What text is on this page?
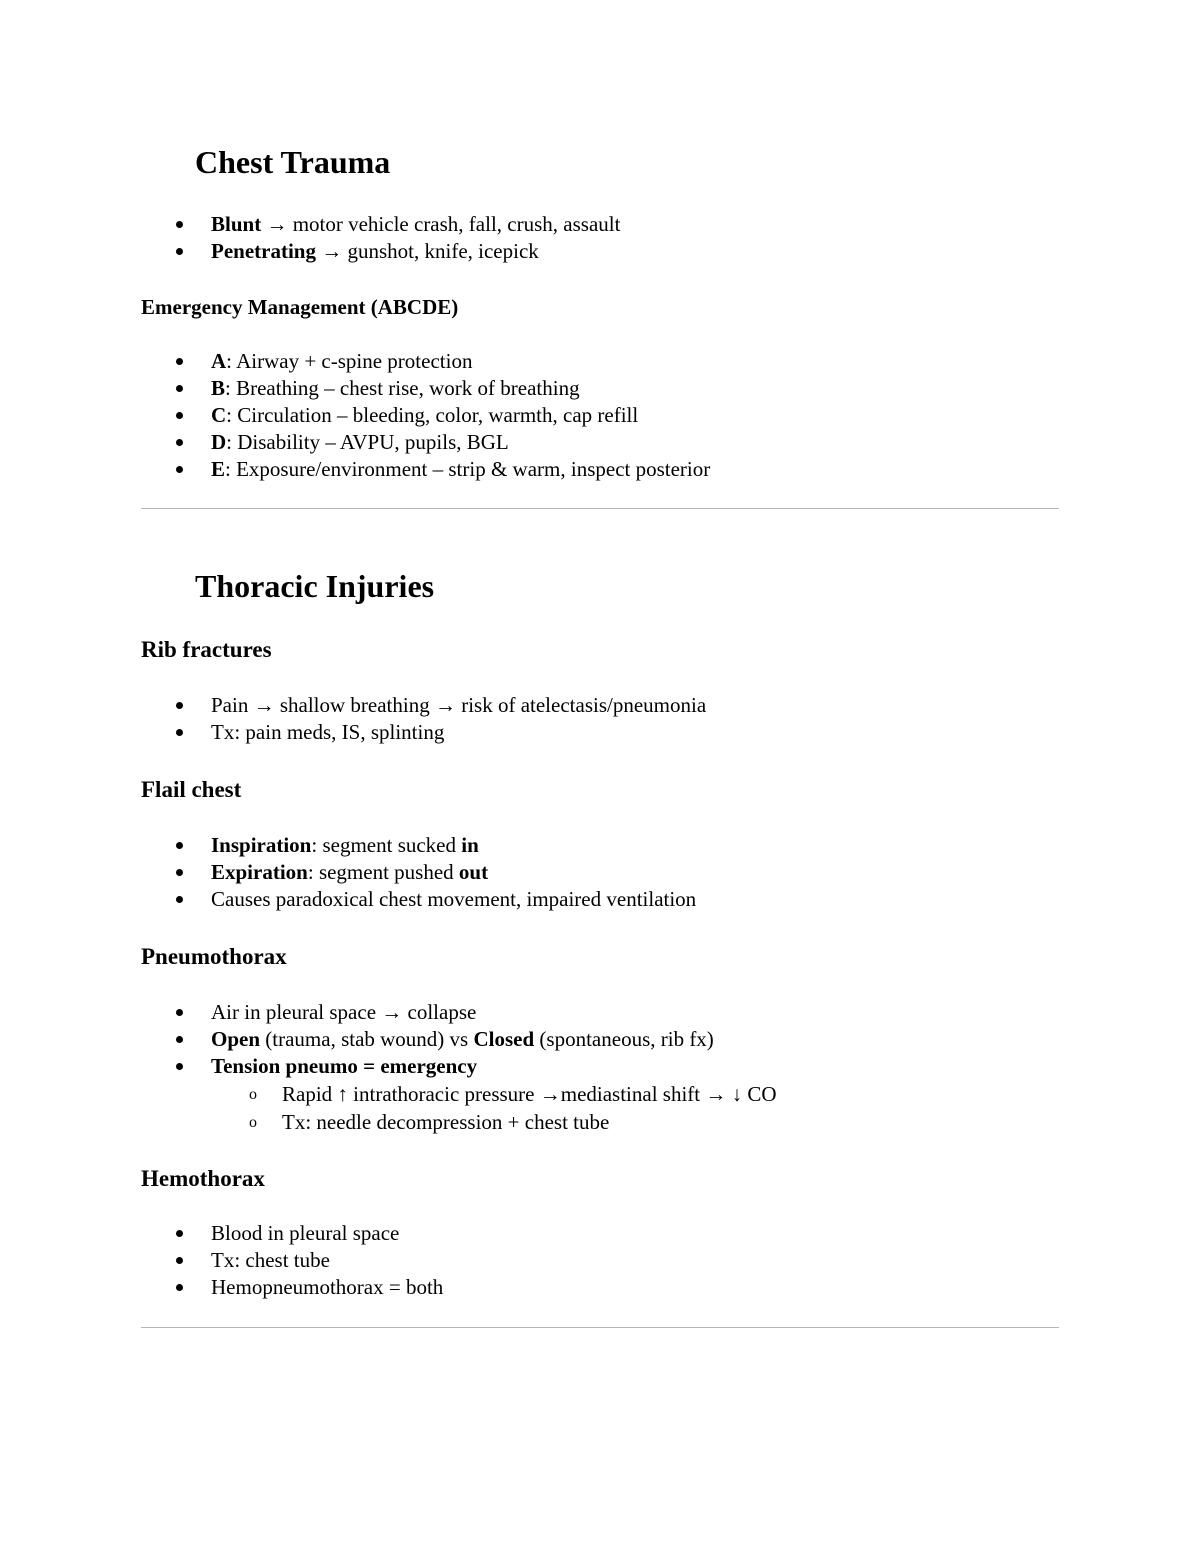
Chest Trauma
Blunt → motor vehicle crash, fall, crush, assault
Penetrating → gunshot, knife, icepick
Emergency Management (ABCDE)
A: Airway + c-spine protection
B: Breathing – chest rise, work of breathing
C: Circulation – bleeding, color, warmth, cap refill
D: Disability – AVPU, pupils, BGL
E: Exposure/environment – strip & warm, inspect posterior
Thoracic Injuries
Rib fractures
Pain → shallow breathing → risk of atelectasis/pneumonia
Tx: pain meds, IS, splinting
Flail chest
Inspiration: segment sucked in
Expiration: segment pushed out
Causes paradoxical chest movement, impaired ventilation
Pneumothorax
Air in pleural space → collapse
Open (trauma, stab wound) vs Closed (spontaneous, rib fx)
Tension pneumo = emergency
o Rapid ↑ intrathoracic pressure →mediastinal shift → ↓ CO
o Tx: needle decompression + chest tube
Hemothorax
Blood in pleural space
Tx: chest tube
Hemopneumothorax = both
